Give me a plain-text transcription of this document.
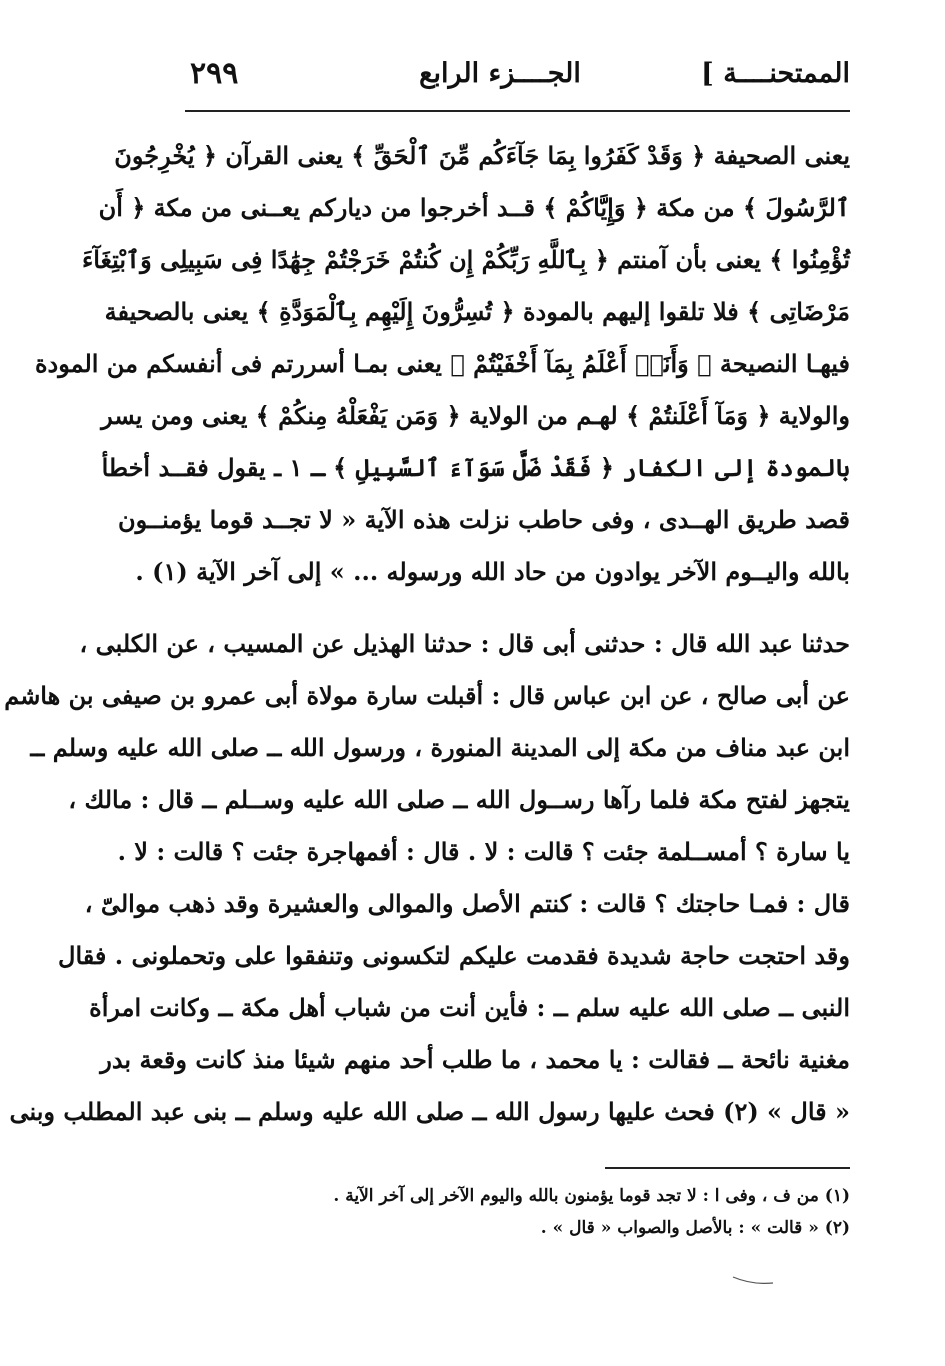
الممتحنــــة ]
الجــــزء الرابع
٢٩٩
يعنى الصحيفة ﴿ وَقَدْ كَفَرُوا بِمَا جَآءَكُم مِّنَ ٱلْحَقِّ ﴾ يعنى القرآن ﴿ يُخْرِجُونَ
ٱلرَّسُولَ ﴾ من مكة ﴿ وَإِيَّاكُمْ ﴾ قــد أخرجوا من دياركم يعــنى من مكة ﴿ أَن
تُؤْمِنُوا ﴾ يعنى بأن آمنتم ﴿ بِٱللَّهِ رَبِّكُمْ إِن كُنتُمْ خَرَجْتُمْ جِهَٰدًا فِى سَبِيلِى وَٱبْتِغَآءَ
مَرْضَاتِى ﴾ فلا تلقوا إليهم بالمودة ﴿ تُسِرُّونَ إِلَيْهِم بِٱلْمَوَدَّةِ ﴾ يعنى بالصحيفة
فيهـا النصيحة ﴿ وَأَنَا۠ أَعْلَمُ بِمَآ أَخْفَيْتُمْ ﴾ يعنى بمـا أسررتم فى أنفسكم من المودة
والولاية ﴿ وَمَآ أَعْلَنتُمْ ﴾ لهـم من الولاية ﴿ وَمَن يَفْعَلْهُ مِنكُمْ ﴾ يعنى ومن يسر
بالمودة إلى الكفار ﴿ فَقَدْ ضَلَّ سَوَآءَ ٱلسَّبِيلِ ﴾ ـ ١ ـ يقول فقــد أخطأ
قصد طريق الهــدى ، وفى حاطب نزلت هذه الآية « لا تجــد قوما يؤمنــون
بالله واليــوم الآخر يوادون من حاد الله ورسوله ... » إلى آخر الآية (١) .
حدثنا عبد الله قال : حدثنى أبى قال : حدثنا الهذيل عن المسيب ، عن الكلبى ،
عن أبى صالح ، عن ابن عباس قال : أقبلت سارة مولاة أبى عمرو بن صيفى بن هاشم
ابن عبد مناف من مكة إلى المدينة المنورة ، ورسول الله ــ صلى الله عليه وسلم ــ
يتجهز لفتح مكة فلما رآها رســول الله ــ صلى الله عليه وســلم ــ قال : مالك ،
يا سارة ؟ أمســلمة جئت ؟ قالت : لا . قال : أفمهاجرة جئت ؟ قالت : لا .
قال : فمـا حاجتك ؟ قالت : كنتم الأصل والموالى والعشيرة وقد ذهب موالىّ ،
وقد احتجت حاجة شديدة فقدمت عليكم لتكسونى وتنفقوا على وتحملونى . فقال
النبى ــ صلى الله عليه سلم ــ : فأين أنت من شباب أهل مكة ــ وكانت امرأة
مغنية نائحة ــ فقالت : يا محمد ، ما طلب أحد منهم شيئا منذ كانت وقعة بدر
« قال » (٢) فحث عليها رسول الله ــ صلى الله عليه وسلم ــ بنى عبد المطلب وبنى
(١) من ف ، وفى ا : لا تجد قوما يؤمنون بالله واليوم الآخر إلى آخر الآية .
(٢) « قالت » : بالأصل والصواب « قال » .
